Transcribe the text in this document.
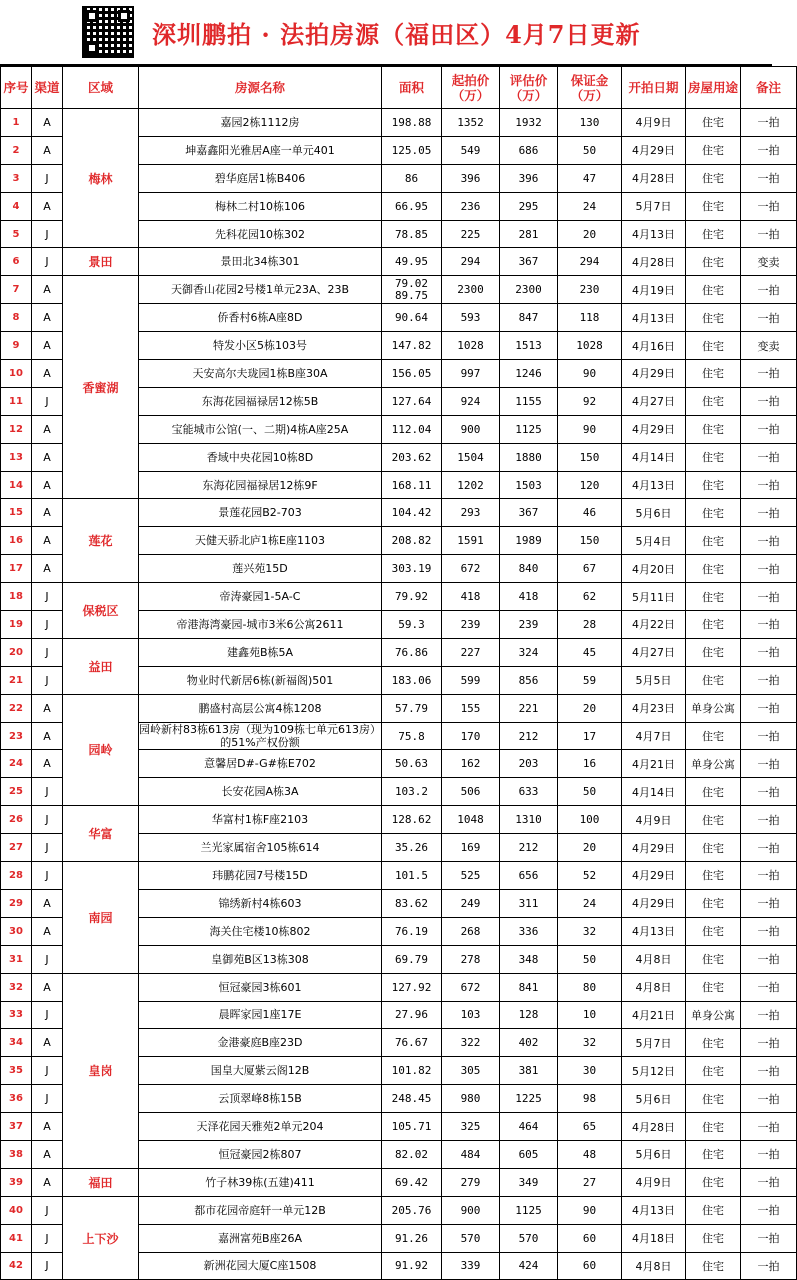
深圳鹏拍 · 法拍房源（福田区）4月7日更新
序号	渠道	区域	房源名称	面积	起拍价（万）	评估价（万）	保证金（万）	开拍日期	房屋用途	备注
1	A	梅林	嘉园2栋1112房	198.88	1352	1932	130	4月9日	住宅	一拍
2	A		坤嘉鑫阳光雅居A座一单元401	125.05	549	686	50	4月29日	住宅	一拍
3	J		碧华庭居1栋B406	86	396	396	47	4月28日	住宅	一拍
4	A		梅林二村10栋106	66.95	236	295	24	5月7日	住宅	一拍
5	J		先科花园10栋302	78.85	225	281	20	4月13日	住宅	一拍
6	J	景田	景田北34栋301	49.95	294	367	294	4月28日	住宅	变卖
7	A	香蜜湖	天御香山花园2号楼1单元23A、23B	79.02 89.75	2300	2300	230	4月19日	住宅	一拍
8	A		侨香村6栋A座8D	90.64	593	847	118	4月13日	住宅	一拍
9	A		特发小区5栋103号	147.82	1028	1513	1028	4月16日	住宅	变卖
10	A		天安高尔夫珑园1栋B座30A	156.05	997	1246	90	4月29日	住宅	一拍
11	J		东海花园福禄居12栋5B	127.64	924	1155	92	4月27日	住宅	一拍
12	A		宝能城市公馆(一、二期)4栋A座25A	112.04	900	1125	90	4月29日	住宅	一拍
13	A		香域中央花园10栋8D	203.62	1504	1880	150	4月14日	住宅	一拍
14	A		东海花园福禄居12栋9F	168.11	1202	1503	120	4月13日	住宅	一拍
15	A	莲花	景莲花园B2-703	104.42	293	367	46	5月6日	住宅	一拍
16	A		天健天骄北庐1栋E座1103	208.82	1591	1989	150	5月4日	住宅	一拍
17	A		莲兴苑15D	303.19	672	840	67	4月20日	住宅	一拍
18	J	保税区	帝涛豪园1-5A-C	79.92	418	418	62	5月11日	住宅	一拍
19	J		帝港海湾豪园-城市3米6公寓2611	59.3	239	239	28	4月22日	住宅	一拍
20	J	益田	建鑫苑B栋5A	76.86	227	324	45	4月27日	住宅	一拍
21	J		物业时代新居6栋(新福阁)501	183.06	599	856	59	5月5日	住宅	一拍
22	A	园岭	鹏盛村高层公寓4栋1208	57.79	155	221	20	4月23日	单身公寓	一拍
23	A		园岭新村83栋613房（现为109栋七单元613房）的51%产权份额	75.8	170	212	17	4月7日	住宅	一拍
24	A		意馨居D#-G#栋E702	50.63	162	203	16	4月21日	单身公寓	一拍
25	J		长安花园A栋3A	103.2	506	633	50	4月14日	住宅	一拍
26	J	华富	华富村1栋F座2103	128.62	1048	1310	100	4月9日	住宅	一拍
27	J		兰光家属宿舍105栋614	35.26	169	212	20	4月29日	住宅	一拍
28	J	南园	玮鹏花园7号楼15D	101.5	525	656	52	4月29日	住宅	一拍
29	A		锦绣新村4栋603	83.62	249	311	24	4月29日	住宅	一拍
30	A		海关住宅楼10栋802	76.19	268	336	32	4月13日	住宅	一拍
31	J		皇御苑B区13栋308	69.79	278	348	50	4月8日	住宅	一拍
32	A	皇岗	恒冠豪园3栋601	127.92	672	841	80	4月8日	住宅	一拍
33	J		晨晖家园1座17E	27.96	103	128	10	4月21日	单身公寓	一拍
34	A		金港豪庭B座23D	76.67	322	402	32	5月7日	住宅	一拍
35	J		国皇大厦紫云阁12B	101.82	305	381	30	5月12日	住宅	一拍
36	J		云顶翠峰8栋15B	248.45	980	1225	98	5月6日	住宅	一拍
37	A		天泽花园天雅苑2单元204	105.71	325	464	65	4月28日	住宅	一拍
38	A		恒冠豪园2栋807	82.02	484	605	48	5月6日	住宅	一拍
39	A	福田	竹子林39栋(五建)411	69.42	279	349	27	4月9日	住宅	一拍
40	J	上下沙	都市花园帝庭轩一单元12B	205.76	900	1125	90	4月13日	住宅	一拍
41	J		嘉洲富苑B座26A	91.26	570	570	60	4月18日	住宅	一拍
42	J		新洲花园大厦C座1508	91.92	339	424	60	4月8日	住宅	一拍
